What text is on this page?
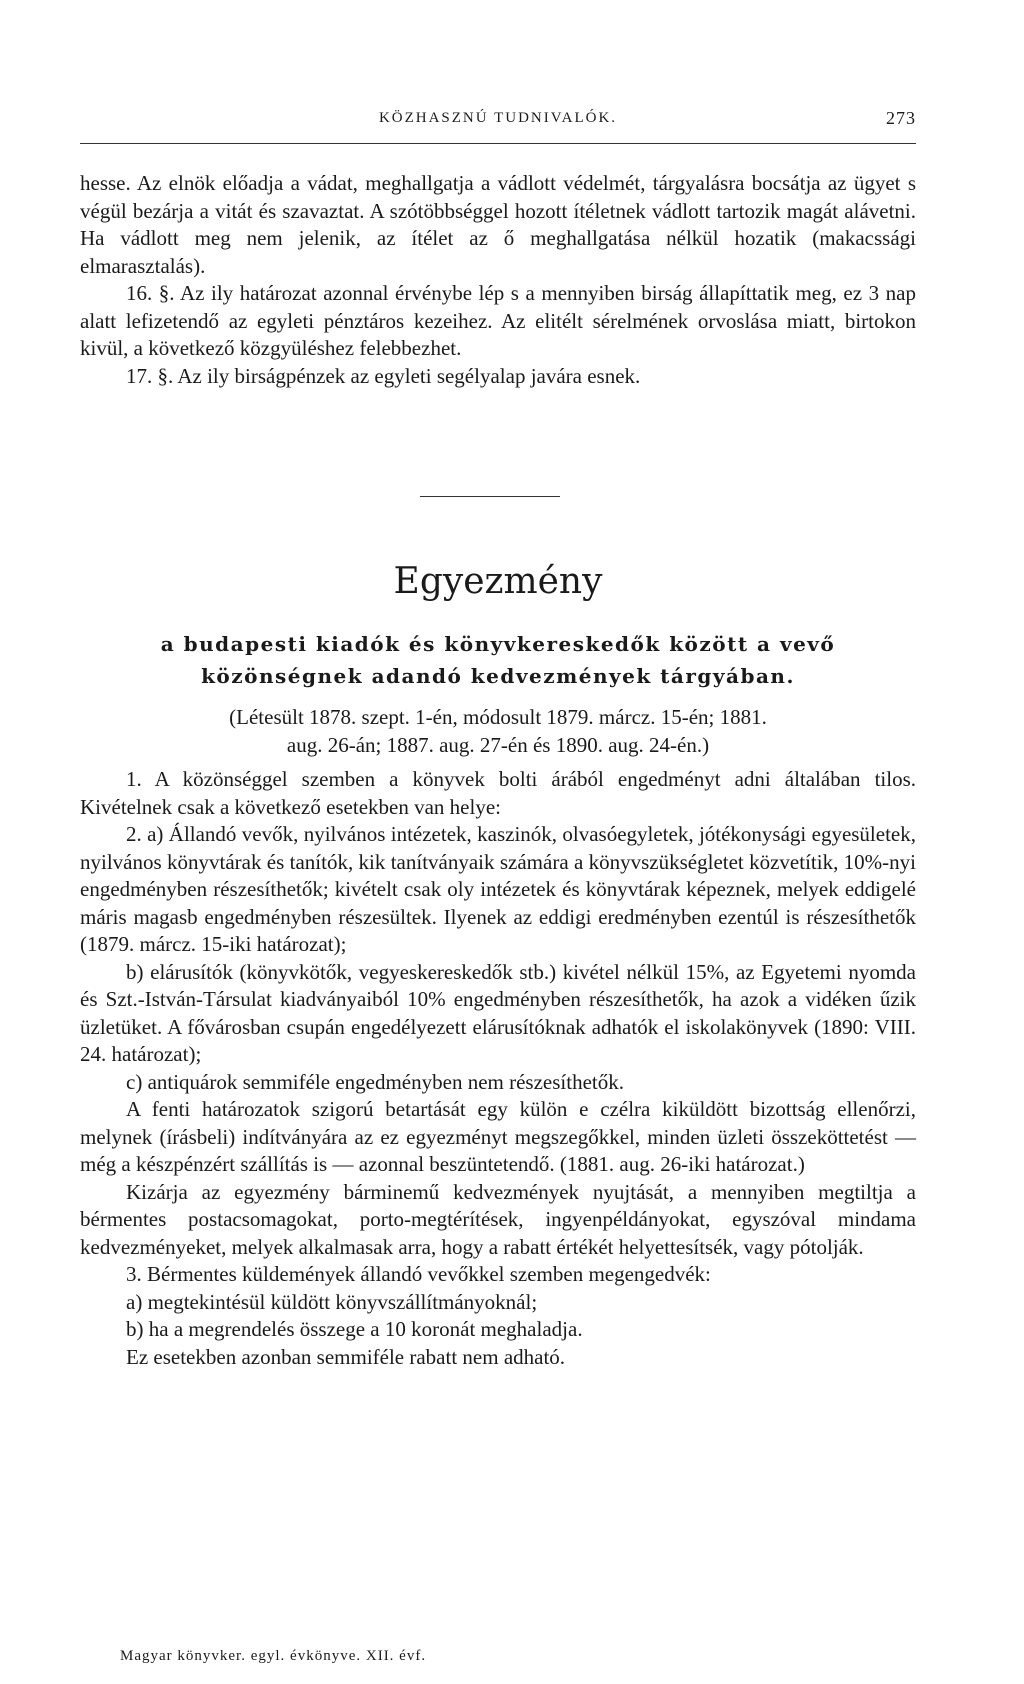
KÖZHASZNÚ TUDNIVALÓK.	273

hesse. Az elnök előadja a vádat, meghallgatja a vádlott védelmét, tárgyalásra bocsátja az ügyet s végül bezárja a vitát és szavaztat. A szótöbbséggel hozott ítéletnek vádlott tartozik magát alávetni. Ha vádlott meg nem jelenik, az ítélet az ő meghallgatása nélkül hozatik (makacssági elmarasztalás).

16. §. Az ily határozat azonnal érvénybe lép s a mennyiben birság állapíttatik meg, ez 3 nap alatt lefizetendő az egyleti pénztáros kezeihez. Az elitélt sérelmének orvoslása miatt, birtokon kivül, a következő közgyüléshez felebbezhet.

17. §. Az ily birságpénzek az egyleti segélyalap javára esnek.

Egyezmény
a budapesti kiadók és könyvkereskedők között a vevő közönségnek adandó kedvezmények tárgyában.

(Létesült 1878. szept. 1-én, módosult 1879. márcz. 15-én; 1881.

aug. 26-án; 1887. aug. 27-én és 1890. aug. 24-én.)

1. A közönséggel szemben a könyvek bolti árából engedményt adni általában tilos. Kivételnek csak a következő esetekben van helye:

2. a) Állandó vevők, nyilvános intézetek, kaszinók, olvasóegyletek, jótékonysági egyesületek, nyilvános könyvtárak és tanítók, kik tanítványaik számára a könyvszükségletet közvetítik, 10%-nyi engedményben részesíthetők; kivételt csak oly intézetek és könyvtárak képeznek, melyek eddigelé máris magasb engedményben részesültek. Ilyenek az eddigi eredményben ezentúl is részesíthetők (1879. márcz. 15-iki határozat);

b) elárusítók (könyvkötők, vegyeskereskedők stb.) kivétel nélkül 15%, az Egyetemi nyomda és Szt.-István-Társulat kiadványaiból 10% engedményben részesíthetők, ha azok a vidéken űzik üzletüket. A fővárosban csupán engedélyezett elárusítóknak adhatók el iskolakönyvek (1890: VIII. 24. határozat);

c) antiquárok semmiféle engedményben nem részesíthetők.

A fenti határozatok szigorú betartását egy külön e czélra kiküldött bizottság ellenőrzi, melynek (írásbeli) indítványára az ez egyezményt megszegőkkel, minden üzleti összeköttetést — még a készpénzért szállítás is — azonnal beszüntetendő. (1881. aug. 26-iki határozat.)

Kizárja az egyezmény bárminemű kedvezmények nyujtását, a mennyiben megtiltja a bérmentes postacsomagokat, porto-megtérítések, ingyenpéldányokat, egyszóval mindama kedvezményeket, melyek alkalmasak arra, hogy a rabatt értékét helyettesítsék, vagy pótolják.

3. Bérmentes küldemények állandó vevőkkel szemben megengedvék:

a) megtekintésül küldött könyvszállítmányoknál;

b) ha a megrendelés összege a 10 koronát meghaladja.

Ez esetekben azonban semmiféle rabatt nem adható.

Magyar könyvker. egyl. évkönyve. XII. évf.
